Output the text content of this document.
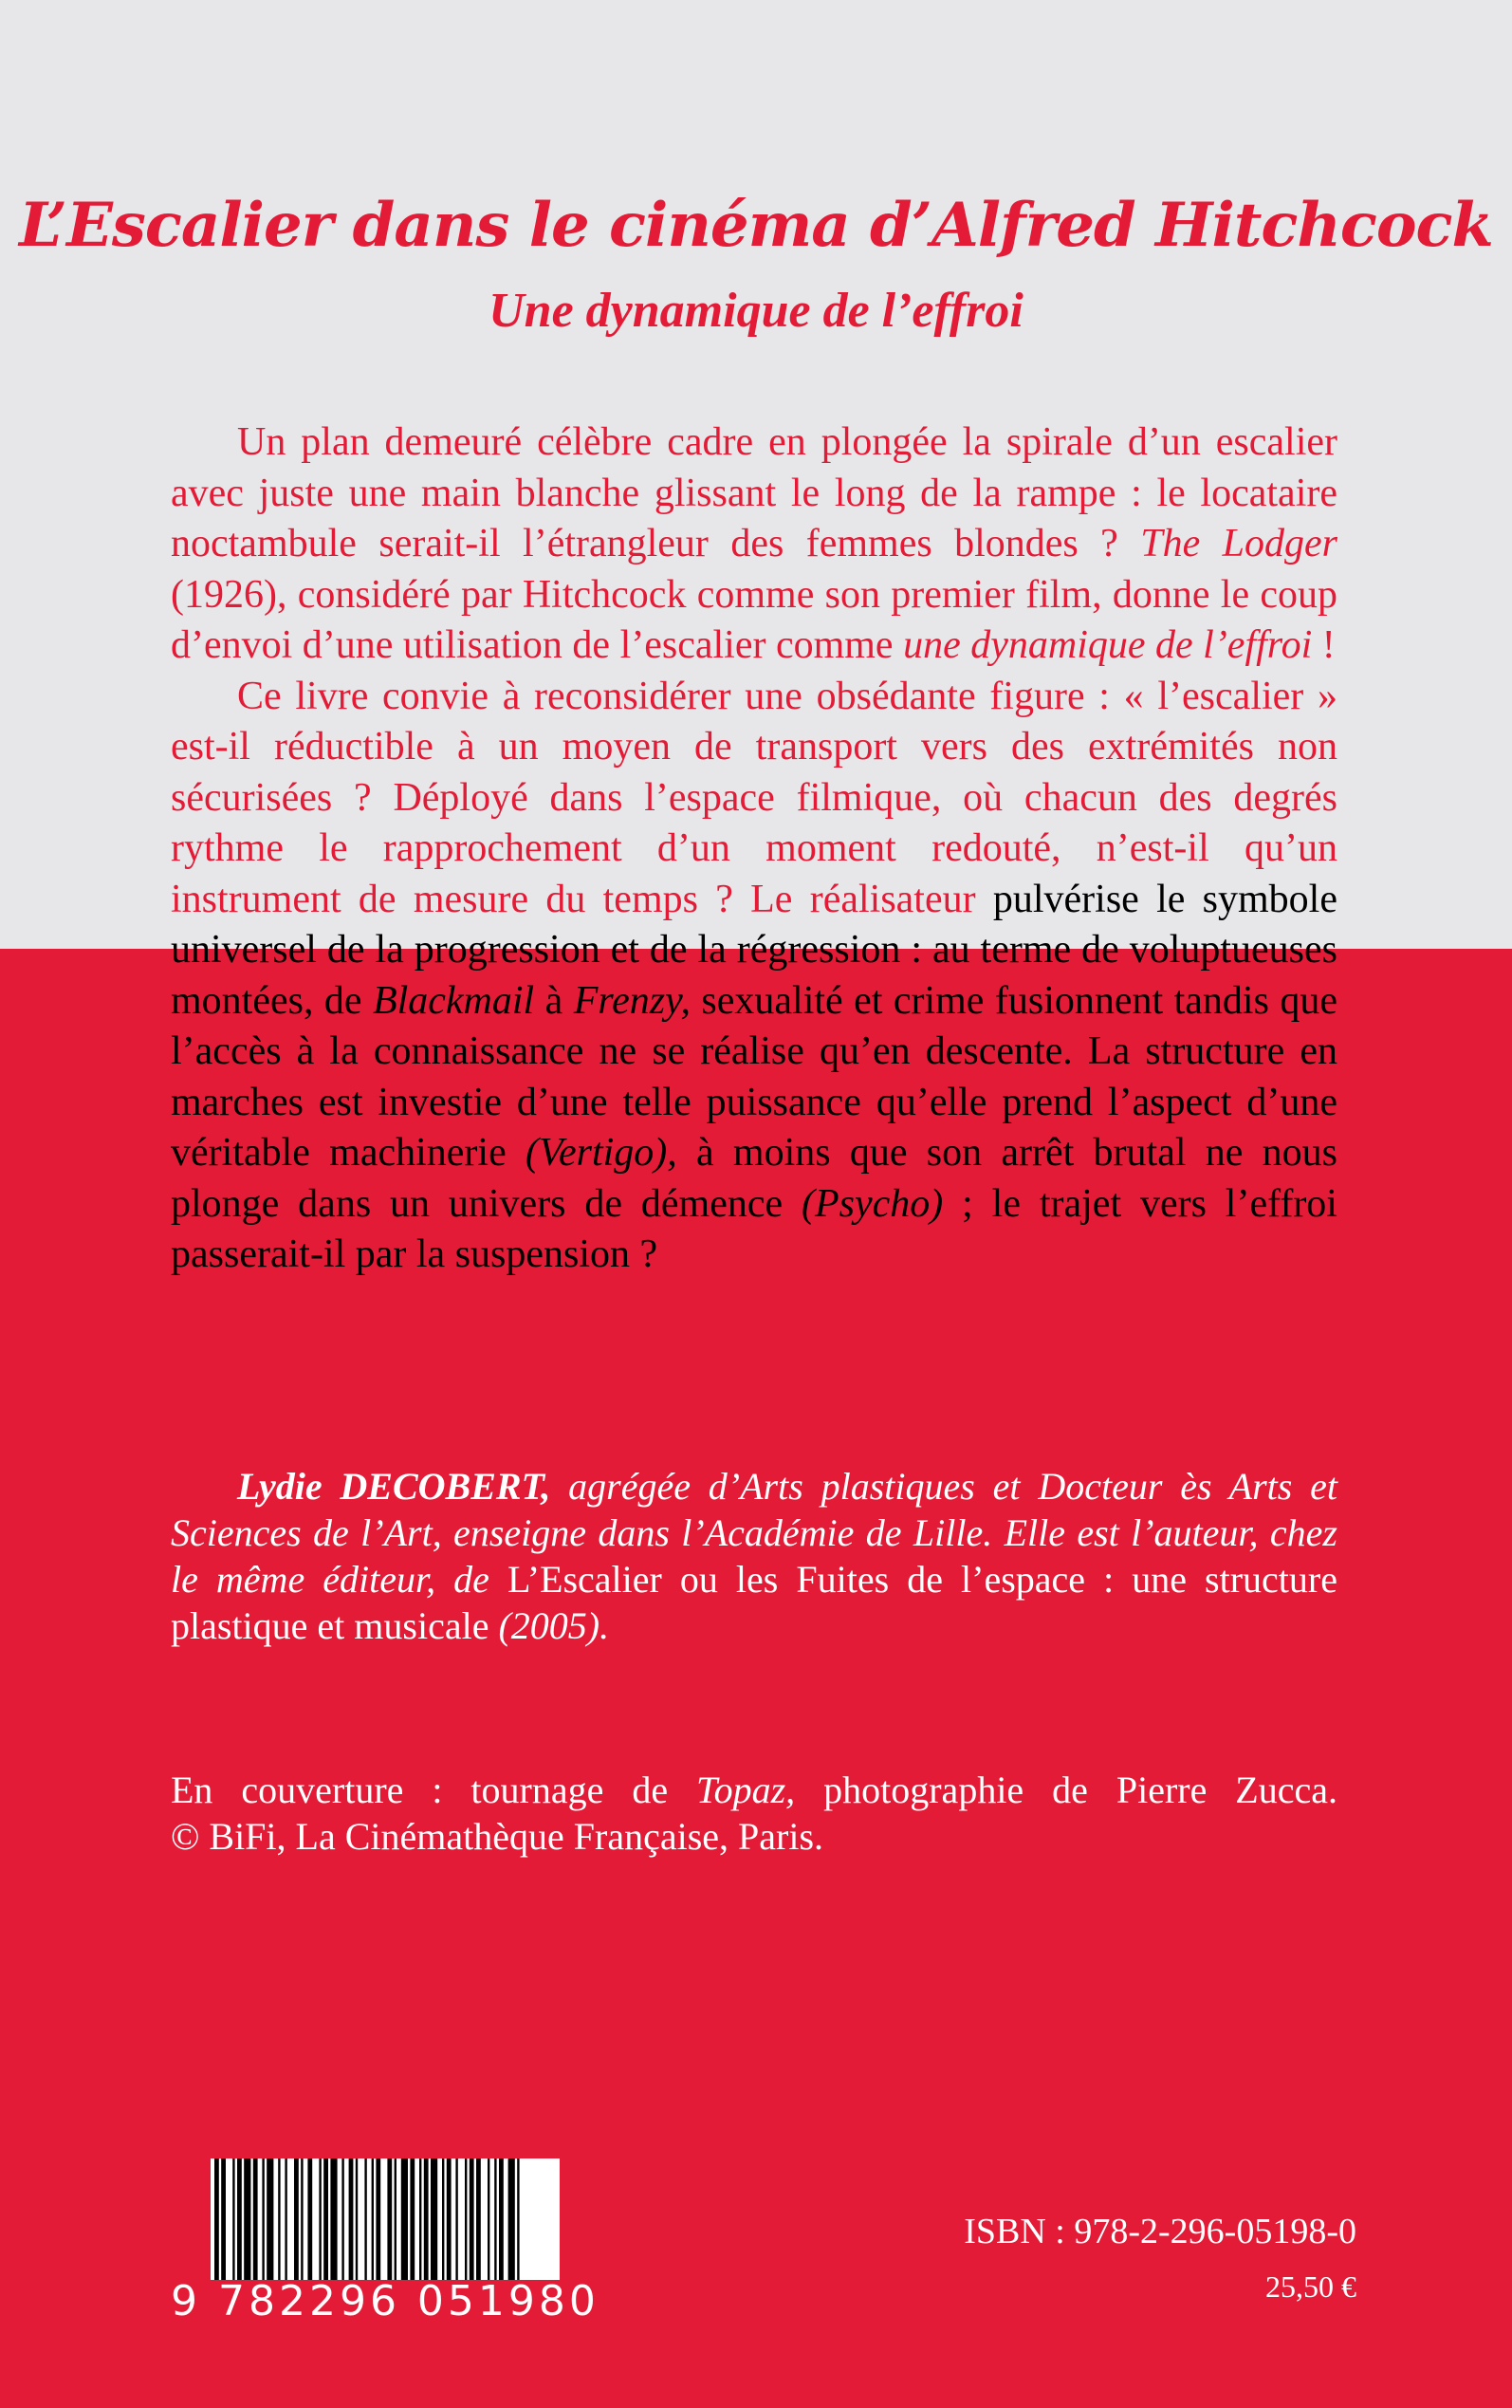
L’Escalier dans le cinéma d’Alfred Hitchcock
Une dynamique de l’effroi

Un plan demeuré célèbre cadre en plongée la spirale d’un escalier avec juste une main blanche glissant le long de la rampe : le locataire noctambule serait-il l’étrangleur des femmes blondes ? The Lodger (1926), considéré par Hitchcock comme son premier film, donne le coup d’envoi d’une utilisation de l’escalier comme une dynamique de l’effroi !

Ce livre convie à reconsidérer une obsédante figure : « l’escalier » est-il réductible à un moyen de transport vers des extrémités non sécurisées ? Déployé dans l’espace filmique, où chacun des degrés rythme le rapprochement d’un moment redouté, n’est-il qu’un instrument de mesure du temps ? Le réalisateur pulvérise le symbole universel de la progression et de la régression : au terme de voluptueuses montées, de Blackmail à Frenzy, sexualité et crime fusionnent tandis que l’accès à la connaissance ne se réalise qu’en descente. La structure en marches est investie d’une telle puissance qu’elle prend l’aspect d’une véritable machinerie (Vertigo), à moins que son arrêt brutal ne nous plonge dans un univers de démence (Psycho) ; le trajet vers l’effroi passerait-il par la suspension ?

Lydie DECOBERT, agrégée d’Arts plastiques et Docteur ès Arts et Sciences de l’Art, enseigne dans l’Académie de Lille. Elle est l’auteur, chez le même éditeur, de L’Escalier ou les Fuites de l’espace : une structure plastique et musicale (2005).

En couverture : tournage de Topaz, photographie de Pierre Zucca.
© BiFi, La Cinémathèque Française, Paris.
9 782296 051980
ISBN : 978-2-296-05198-0
25,50 €
